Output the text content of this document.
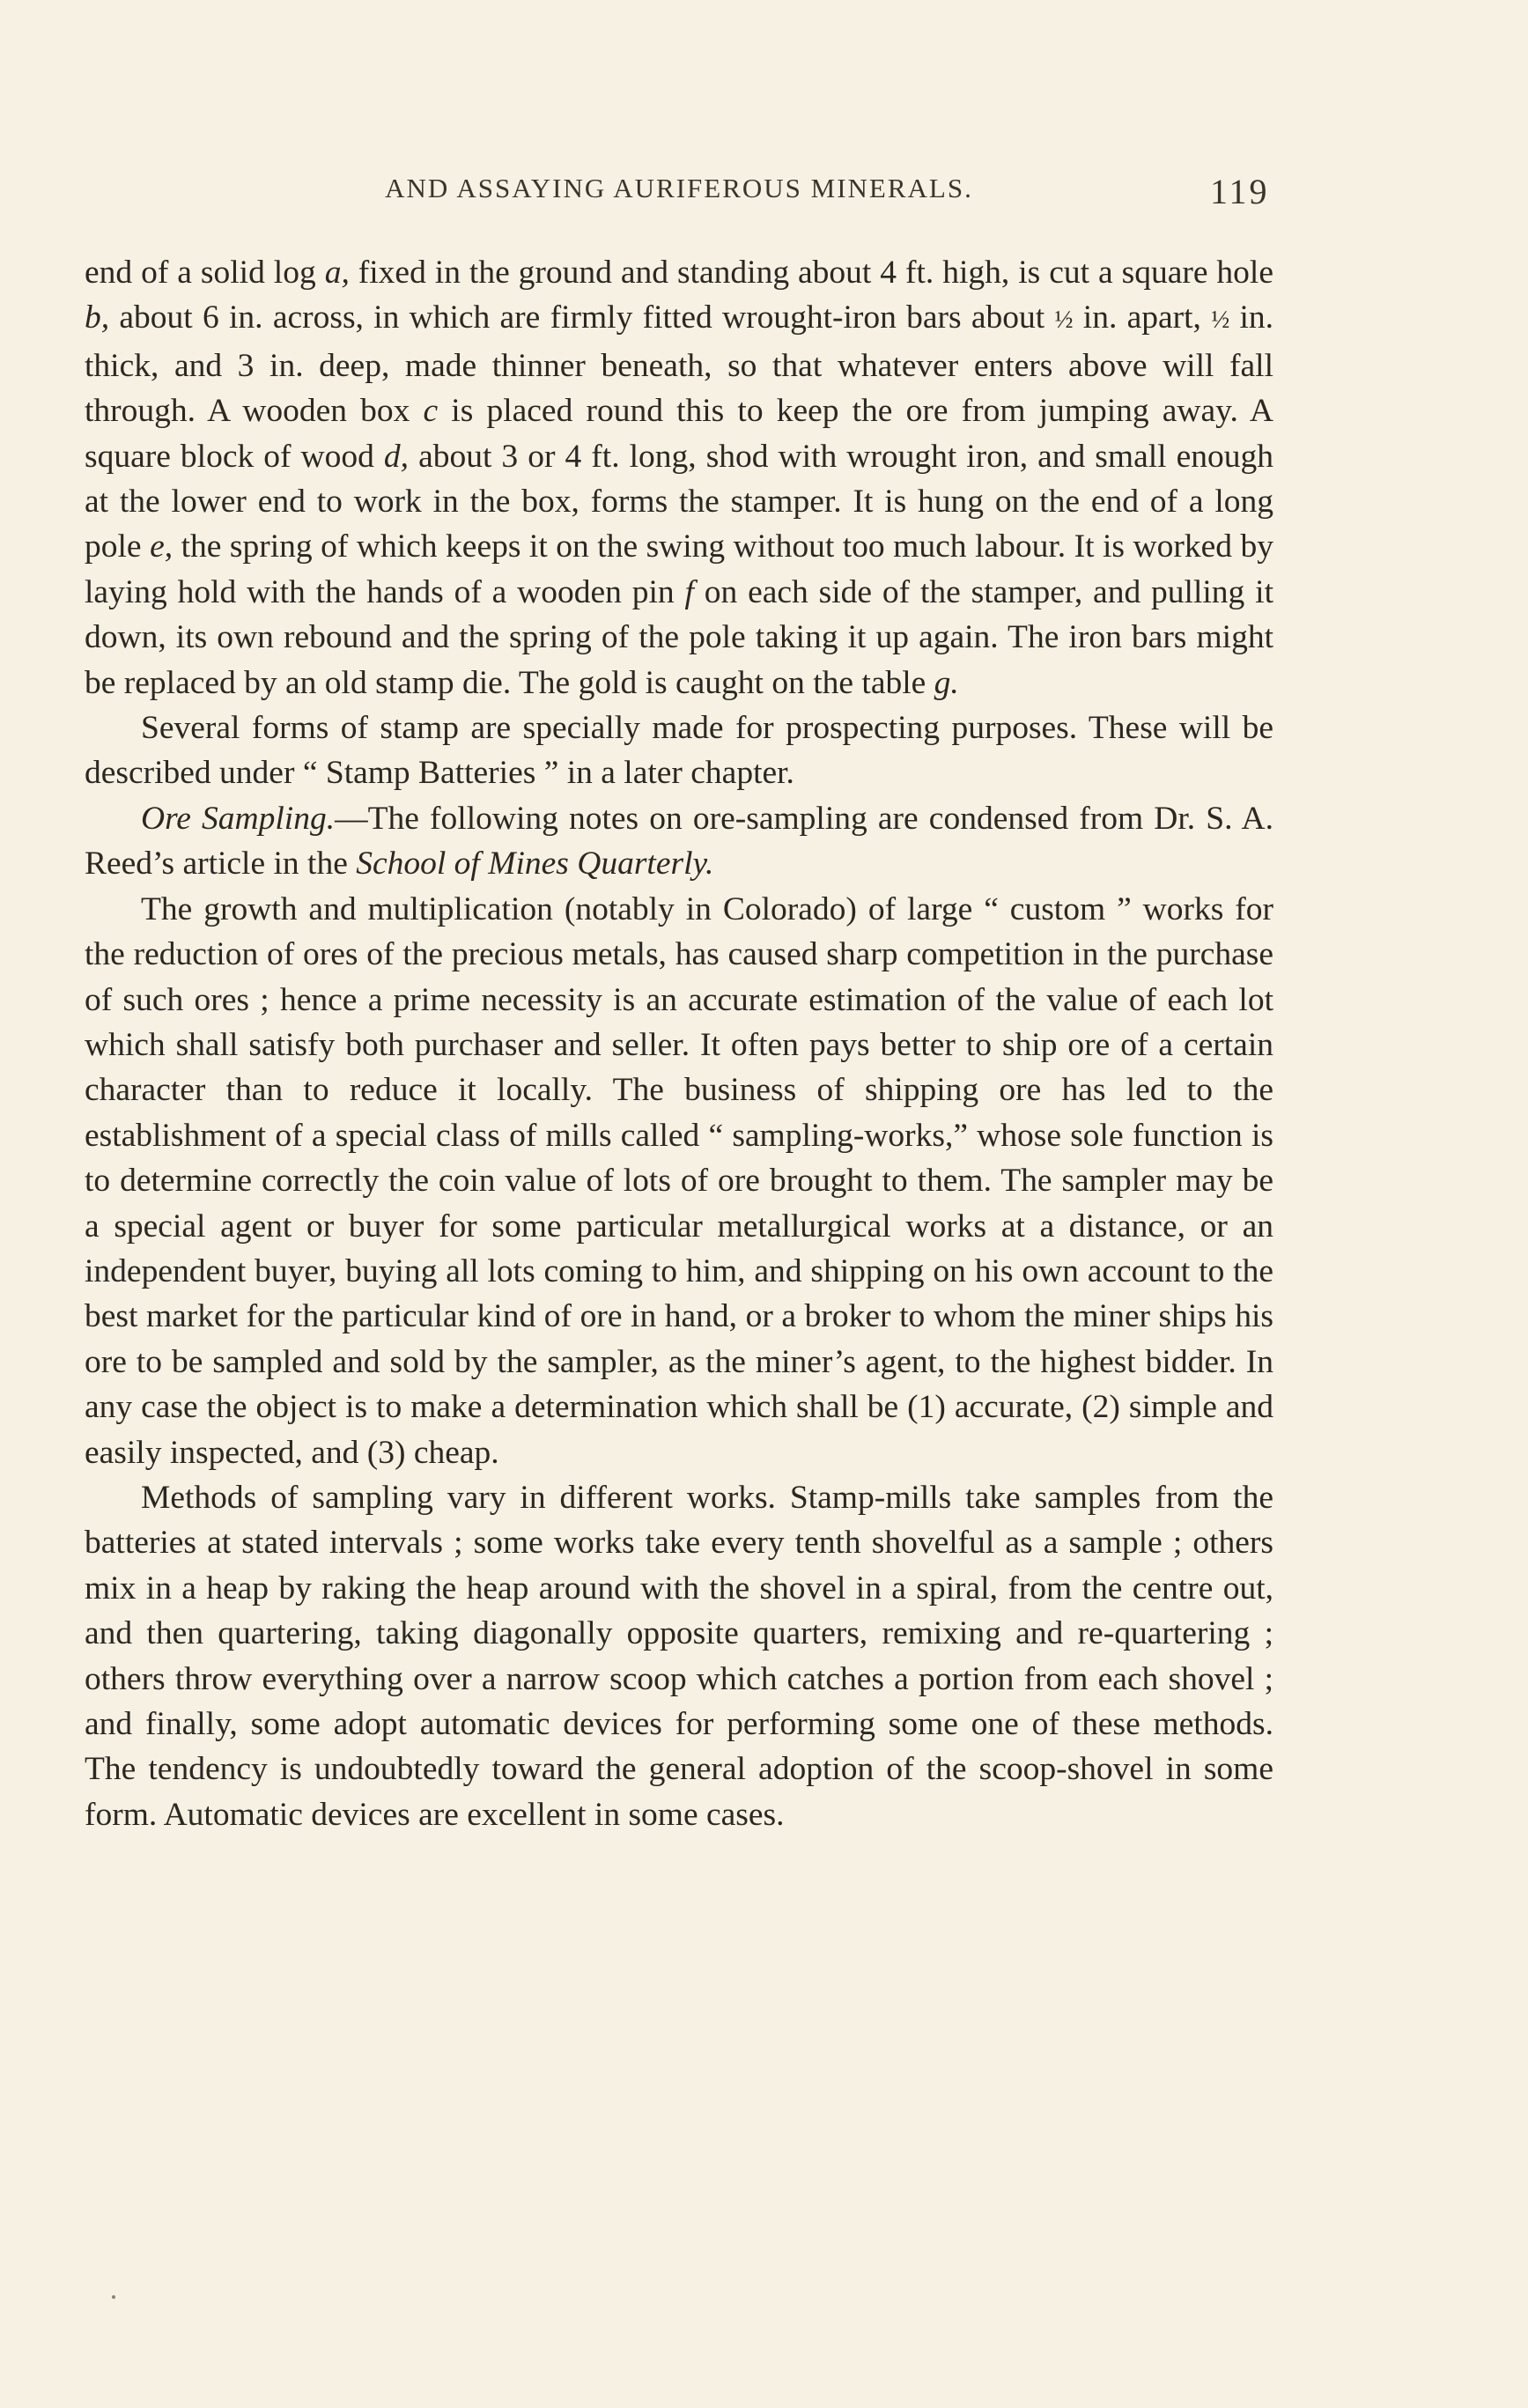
AND ASSAYING AURIFEROUS MINERALS.	119

end of a solid log a, fixed in the ground and standing about 4 ft. high, is cut a square hole b, about 6 in. across, in which are firmly fitted wrought-iron bars about ½ in. apart, ½ in. thick, and 3 in. deep, made thinner beneath, so that whatever enters above will fall through. A wooden box c is placed round this to keep the ore from jumping away. A square block of wood d, about 3 or 4 ft. long, shod with wrought iron, and small enough at the lower end to work in the box, forms the stamper. It is hung on the end of a long pole e, the spring of which keeps it on the swing without too much labour. It is worked by laying hold with the hands of a wooden pin f on each side of the stamper, and pulling it down, its own rebound and the spring of the pole taking it up again. The iron bars might be replaced by an old stamp die. The gold is caught on the table g.

Several forms of stamp are specially made for prospecting purposes. These will be described under “ Stamp Batteries ” in a later chapter.

Ore Sampling.—The following notes on ore-sampling are condensed from Dr. S. A. Reed’s article in the School of Mines Quarterly.

The growth and multiplication (notably in Colorado) of large “ custom ” works for the reduction of ores of the precious metals, has caused sharp competition in the purchase of such ores ; hence a prime necessity is an accurate estimation of the value of each lot which shall satisfy both purchaser and seller. It often pays better to ship ore of a certain character than to reduce it locally. The business of shipping ore has led to the establishment of a special class of mills called “ sampling-works,” whose sole function is to determine correctly the coin value of lots of ore brought to them. The sampler may be a special agent or buyer for some particular metallurgical works at a distance, or an independent buyer, buying all lots coming to him, and shipping on his own account to the best market for the particular kind of ore in hand, or a broker to whom the miner ships his ore to be sampled and sold by the sampler, as the miner’s agent, to the highest bidder. In any case the object is to make a determination which shall be (1) accurate, (2) simple and easily inspected, and (3) cheap.

Methods of sampling vary in different works. Stamp-mills take samples from the batteries at stated intervals ; some works take every tenth shovelful as a sample ; others mix in a heap by raking the heap around with the shovel in a spiral, from the centre out, and then quartering, taking diagonally opposite quarters, remixing and re-quartering ; others throw everything over a narrow scoop which catches a portion from each shovel ; and finally, some adopt automatic devices for performing some one of these methods. The tendency is undoubtedly toward the general adoption of the scoop-shovel in some form. Automatic devices are excellent in some cases.
